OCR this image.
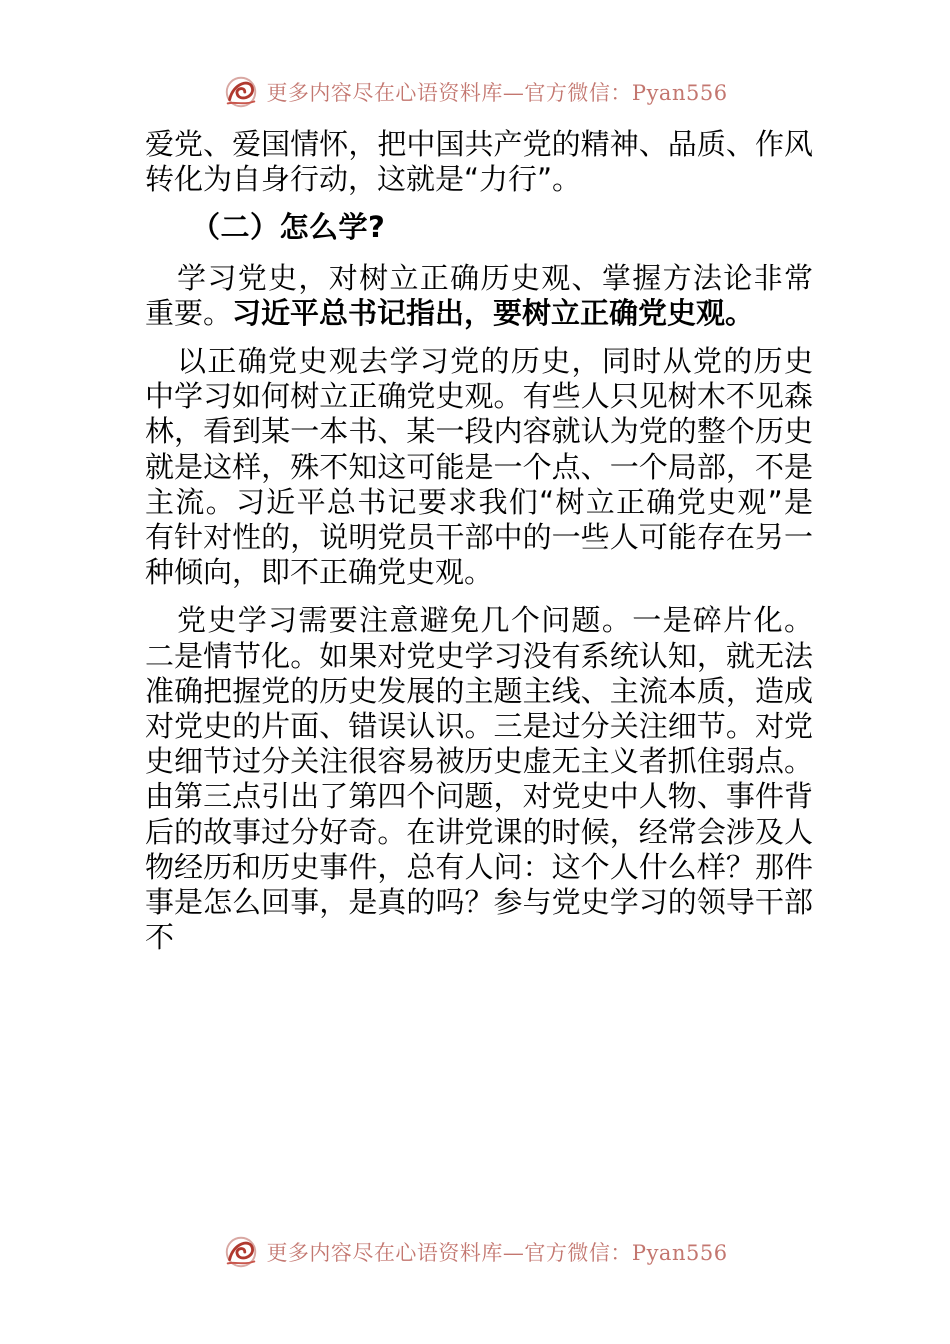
更多内容尽在心语资料库—官方微信：Pyan556

爱党、爱国情怀，把中国共产党的精神、品质、作风转化为自身行动，这就是“力行”。

（二）怎么学?

学习党史，对树立正确历史观、掌握方法论非常重要。习近平总书记指出，要树立正确党史观。

以正确党史观去学习党的历史，同时从党的历史中学习如何树立正确党史观。有些人只见树木不见森林，看到某一本书、某一段内容就认为党的整个历史就是这样，殊不知这可能是一个点、一个局部，不是主流。习近平总书记要求我们“树立正确党史观”是有针对性的，说明党员干部中的一些人可能存在另一种倾向，即不正确党史观。

党史学习需要注意避免几个问题。一是碎片化。二是情节化。如果对党史学习没有系统认知，就无法准确把握党的历史发展的主题主线、主流本质，造成对党史的片面、错误认识。三是过分关注细节。对党史细节过分关注很容易被历史虚无主义者抓住弱点。由第三点引出了第四个问题，对党史中人物、事件背后的故事过分好奇。在讲党课的时候，经常会涉及人物经历和历史事件，总有人问：这个人什么样？那件事是怎么回事，是真的吗？参与党史学习的领导干部不

更多内容尽在心语资料库—官方微信：Pyan556
